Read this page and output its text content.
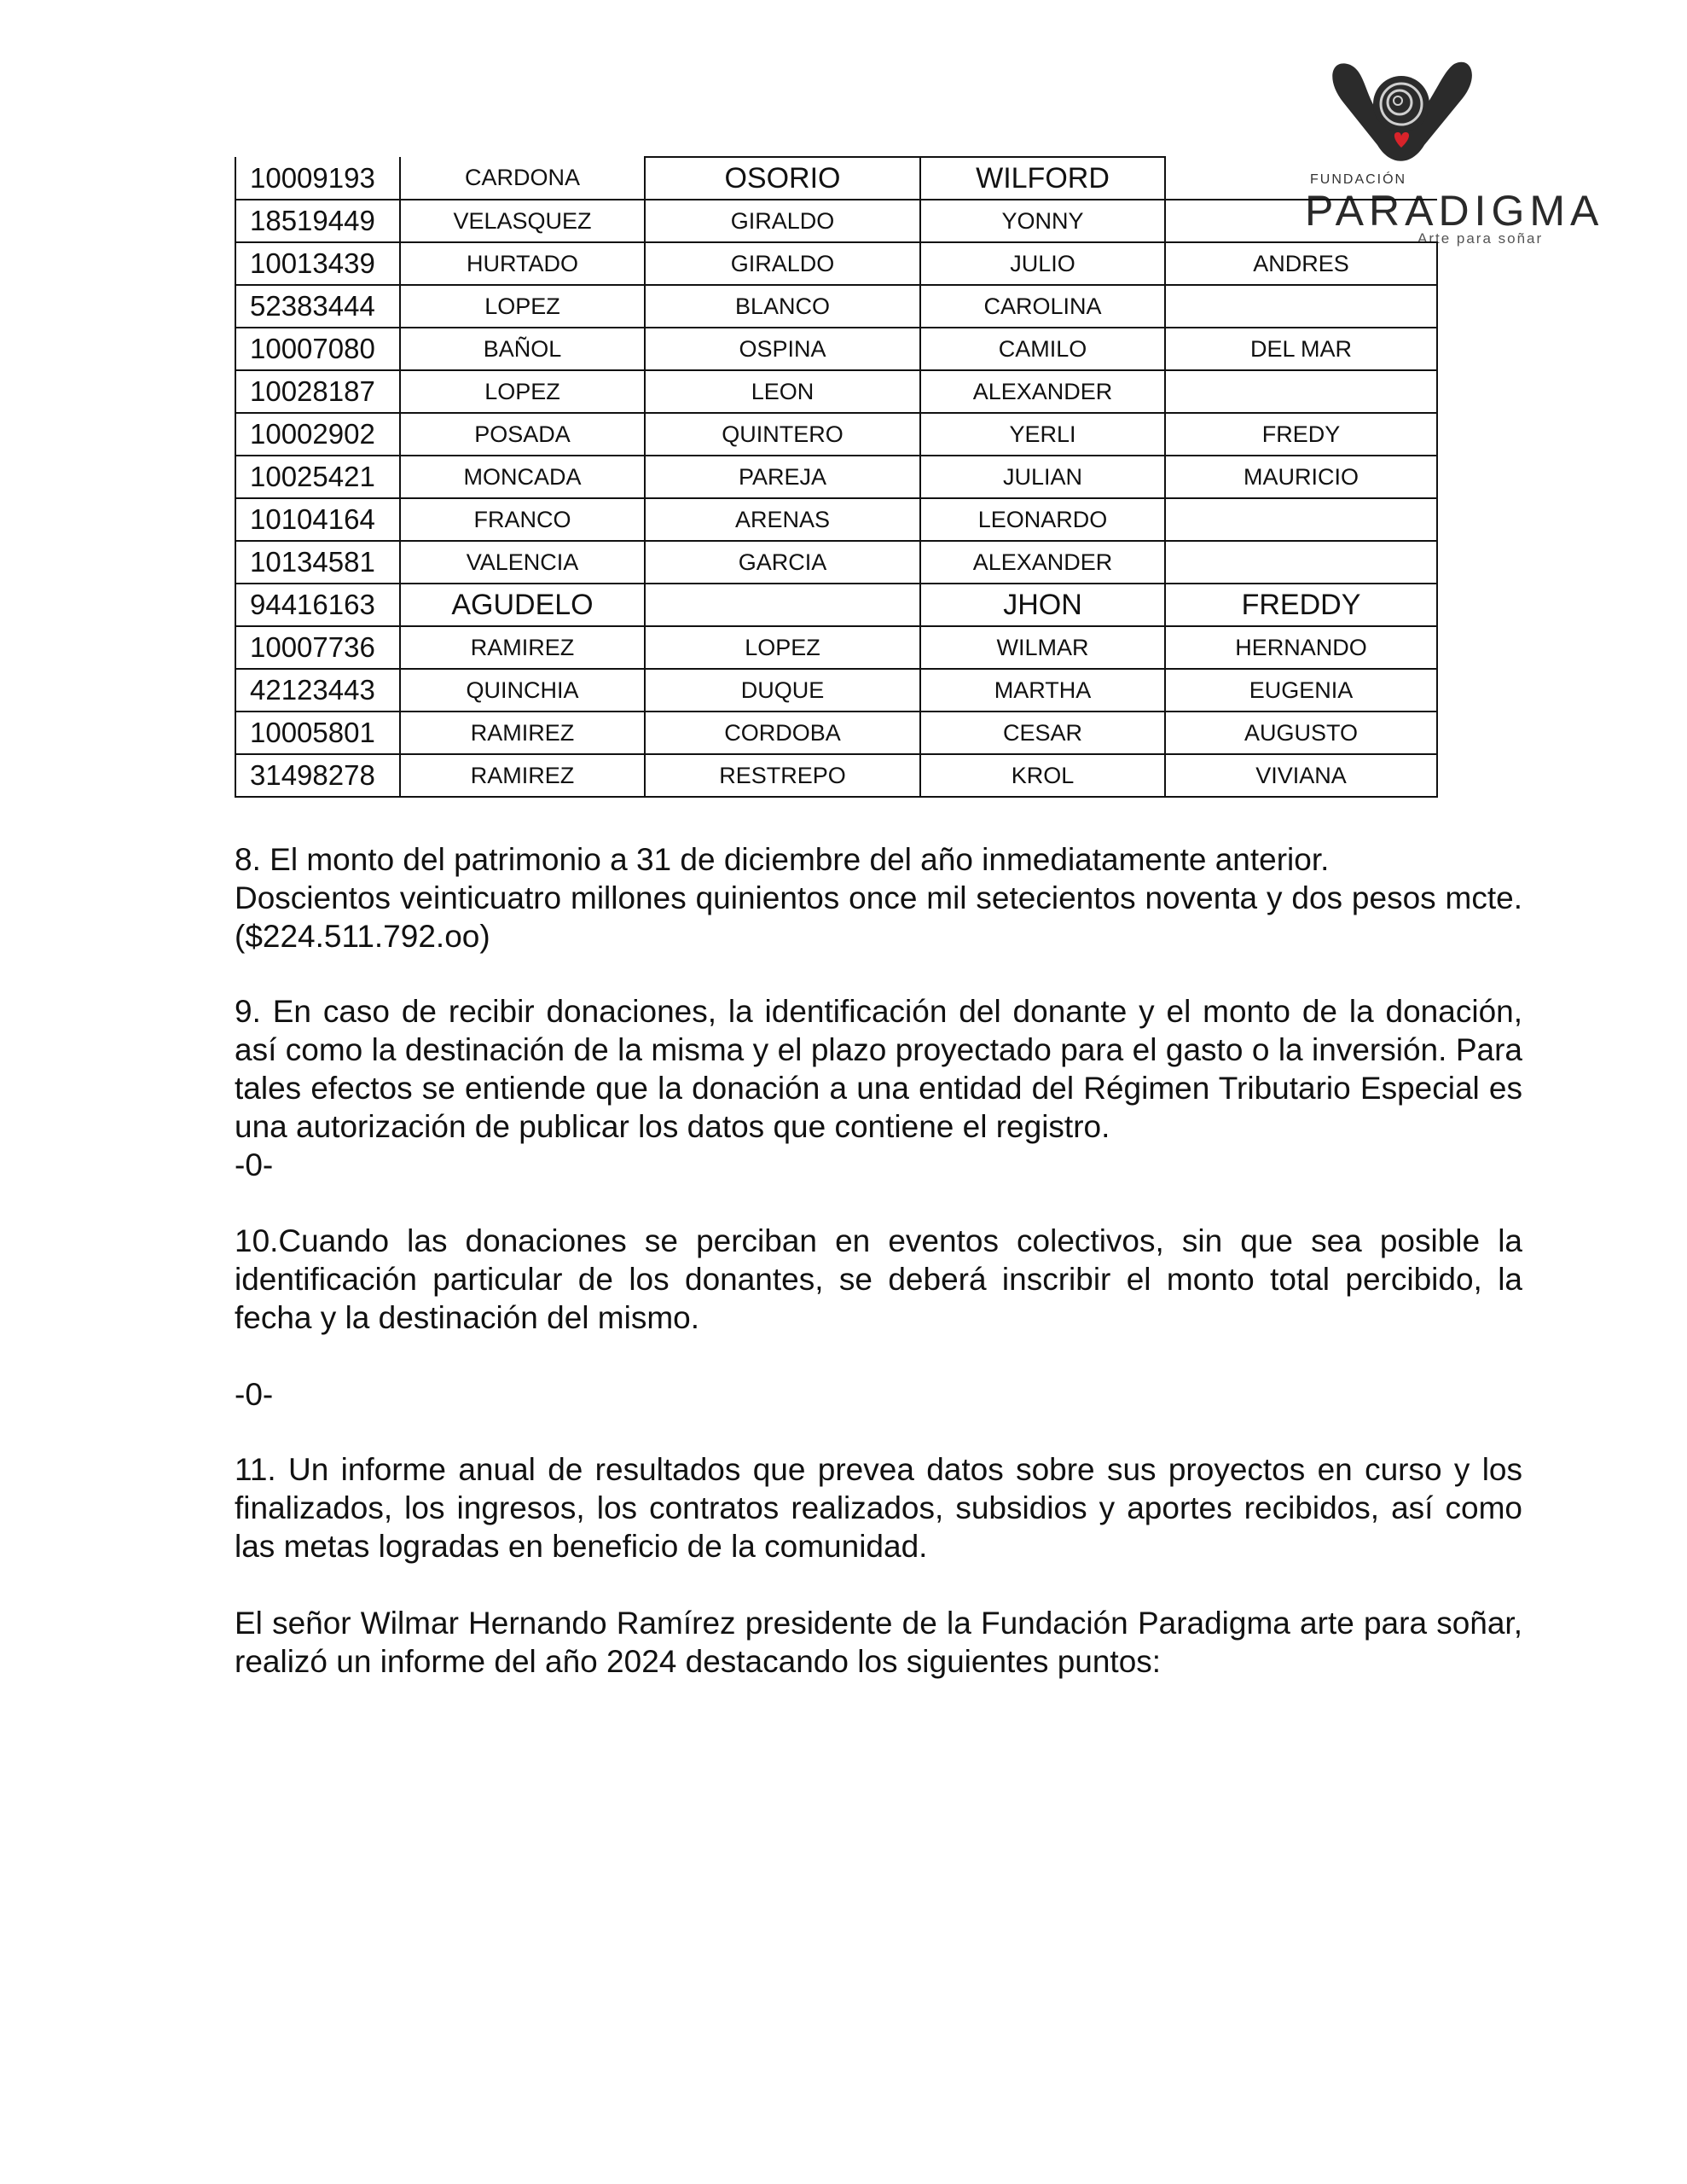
FUNDACIÓN
PARADIGMA
Arte para soñar
10009193	CARDONA	OSORIO	WILFORD	
18519449	VELASQUEZ	GIRALDO	YONNY	
10013439	HURTADO	GIRALDO	JULIO	ANDRES
52383444	LOPEZ	BLANCO	CAROLINA	
10007080	BAÑOL	OSPINA	CAMILO	DEL MAR
10028187	LOPEZ	LEON	ALEXANDER	
10002902	POSADA	QUINTERO	YERLI	FREDY
10025421	MONCADA	PAREJA	JULIAN	MAURICIO
10104164	FRANCO	ARENAS	LEONARDO	
10134581	VALENCIA	GARCIA	ALEXANDER	
94416163	AGUDELO		JHON	FREDDY
10007736	RAMIREZ	LOPEZ	WILMAR	HERNANDO
42123443	QUINCHIA	DUQUE	MARTHA	EUGENIA
10005801	RAMIREZ	CORDOBA	CESAR	AUGUSTO
31498278	RAMIREZ	RESTREPO	KROL	VIVIANA

8. El monto del patrimonio a 31 de diciembre del año inmediatamente anterior.

Doscientos veinticuatro millones quinientos once mil setecientos noventa y dos pesos mcte. ($224.511.792.oo)

9. En caso de recibir donaciones, la identificación del donante y el monto de la donación, así como la destinación de la misma y el plazo proyectado para el gasto o la inversión. Para tales efectos se entiende que la donación a una entidad del Régimen Tributario Especial es una autorización de publicar los datos que contiene el registro.

-0-

10.Cuando las donaciones se perciban en eventos colectivos, sin que sea posible la identificación particular de los donantes, se deberá inscribir el monto total percibido, la fecha y la destinación del mismo.

-0-

11. Un informe anual de resultados que prevea datos sobre sus proyectos en curso y los finalizados, los ingresos, los contratos realizados, subsidios y aportes recibidos, así como las metas logradas en beneficio de la comunidad.

El señor Wilmar Hernando Ramírez presidente de la Fundación Paradigma arte para soñar, realizó un informe del año 2024 destacando los siguientes puntos:
